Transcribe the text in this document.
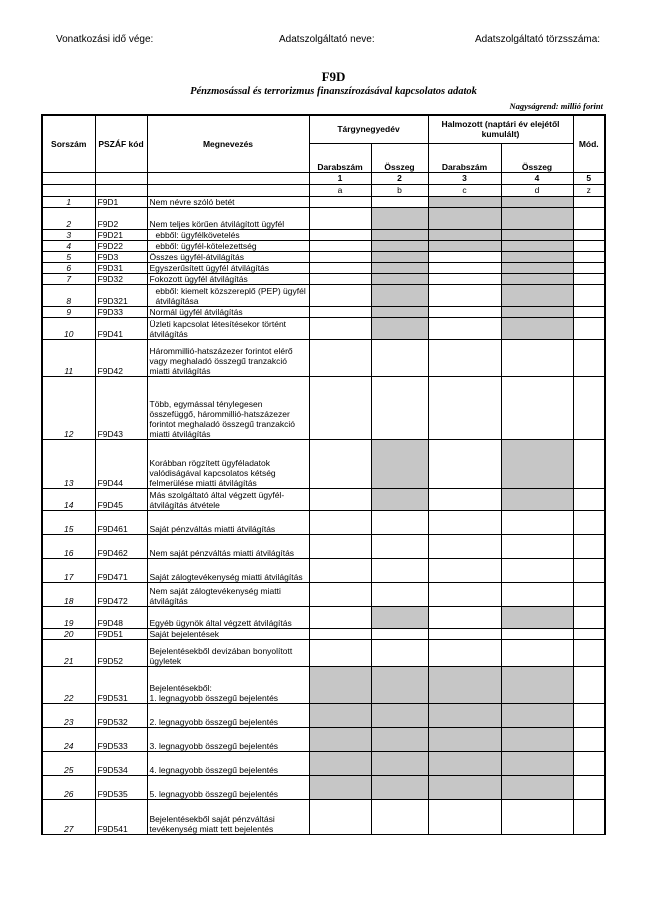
Vonatkozási idő vége:	Adatszolgáltató neve:	Adatszolgáltató törzsszáma:
F9D
Pénzmosással és terrorizmus finanszírozásával kapcsolatos adatok
Nagyságrend: millió forint
Sorszám	PSZÁF kód	Megnevezés	Tárgynegyedév		Halmozott (naptári év elejétől kumulált)		Mód.
			Darabszám	Összeg	Darabszám	Összeg	
			1	2	3	4	5
			a	b	c	d	z
1	F9D1	Nem névre szóló betét					
2	F9D2	Nem teljes körűen átvilágított ügyfél					
3	F9D21	ebből: ügyfélkövetelés					
4	F9D22	ebből: ügyfél-kötelezettség					
5	F9D3	Összes ügyfél-átvilágítás					
6	F9D31	Egyszerűsített ügyfél átvilágítás					
7	F9D32	Fokozott ügyfél átvilágítás					
8	F9D321	ebből: kiemelt közszereplő (PEP) ügyfél átvilágítása					
9	F9D33	Normál ügyfél átvilágítás					
10	F9D41	Üzleti kapcsolat létesítésekor történt átvilágítás					
11	F9D42	Hárommillió-hatszázezer forintot elérő vagy meghaladó összegű tranzakció miatti átvilágítás					
12	F9D43	Több, egymással ténylegesen összefüggő, hárommillió-hatszázezer forintot meghaladó összegű tranzakció miatti átvilágítás					
13	F9D44	Korábban rögzített ügyféladatok valódiságával kapcsolatos kétség felmerülése miatti átvilágítás					
14	F9D45	Más szolgáltató által végzett ügyfél-átvilágítás átvétele					
15	F9D461	Saját pénzváltás miatti átvilágítás					
16	F9D462	Nem saját pénzváltás miatti átvilágítás					
17	F9D471	Saját zálogtevékenység miatti átvilágítás					
18	F9D472	Nem saját zálogtevékenység miatti átvilágítás					
19	F9D48	Egyéb ügynök által végzett átvilágítás					
20	F9D51	Saját bejelentések					
21	F9D52	Bejelentésekből devizában bonyolított ügyletek					
22	F9D531	Bejelentésekből:
1. legnagyobb összegű bejelentés					
23	F9D532	2. legnagyobb összegű bejelentés					
24	F9D533	3. legnagyobb összegű bejelentés					
25	F9D534	4. legnagyobb összegű bejelentés					
26	F9D535	5. legnagyobb összegű bejelentés					
27	F9D541	Bejelentésekből saját pénzváltási tevékenység miatt tett bejelentés					
